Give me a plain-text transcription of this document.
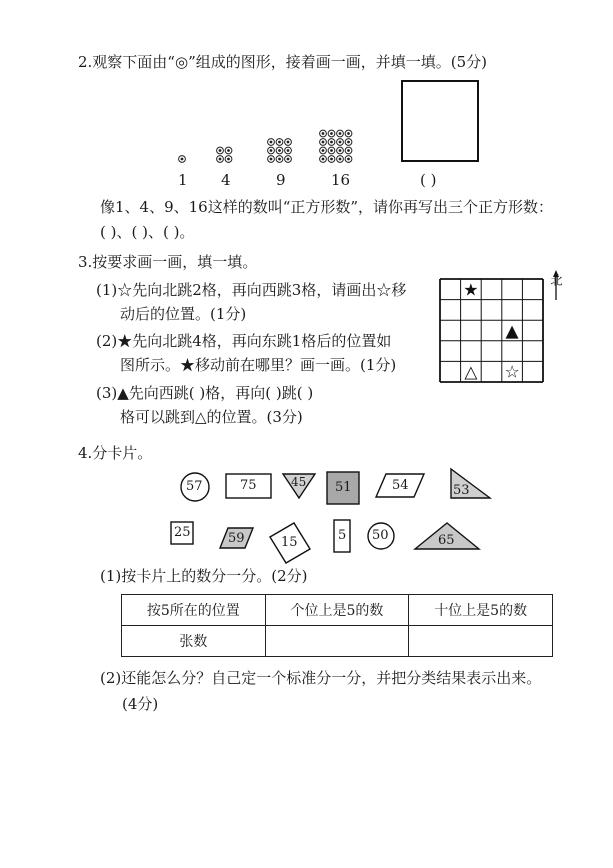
2.观察下面由“◎”组成的图形，接着画一画，并填一填。(5分)
1 4	9	16	( )
像1、4、9、16这样的数叫“正方形数”，请你再写出三个正方形数：
( )、( )、( )。
3.按要求画一画，填一填。
(1)☆先向北跳2格，再向西跳3格，请画出☆移
动后的位置。(1分)
(2)★先向北跳4格，再向东跳1格后的位置如
图所示。★移动前在哪里？画一画。(1分)
(3)▲先向西跳( )格，再向( )跳( )
格可以跳到△的位置。(3分)
★
▲
△ ☆
北
4.分卡片。
57	75	45 51	54	53
25	59	15	5 50	65
(1)按卡片上的数分一分。(2分)
按5所在的位置	个位上是5的数	十位上是5的数
张数		
(2)还能怎么分？自己定一个标准分一分，并把分类结果表示出来。
(4分)
